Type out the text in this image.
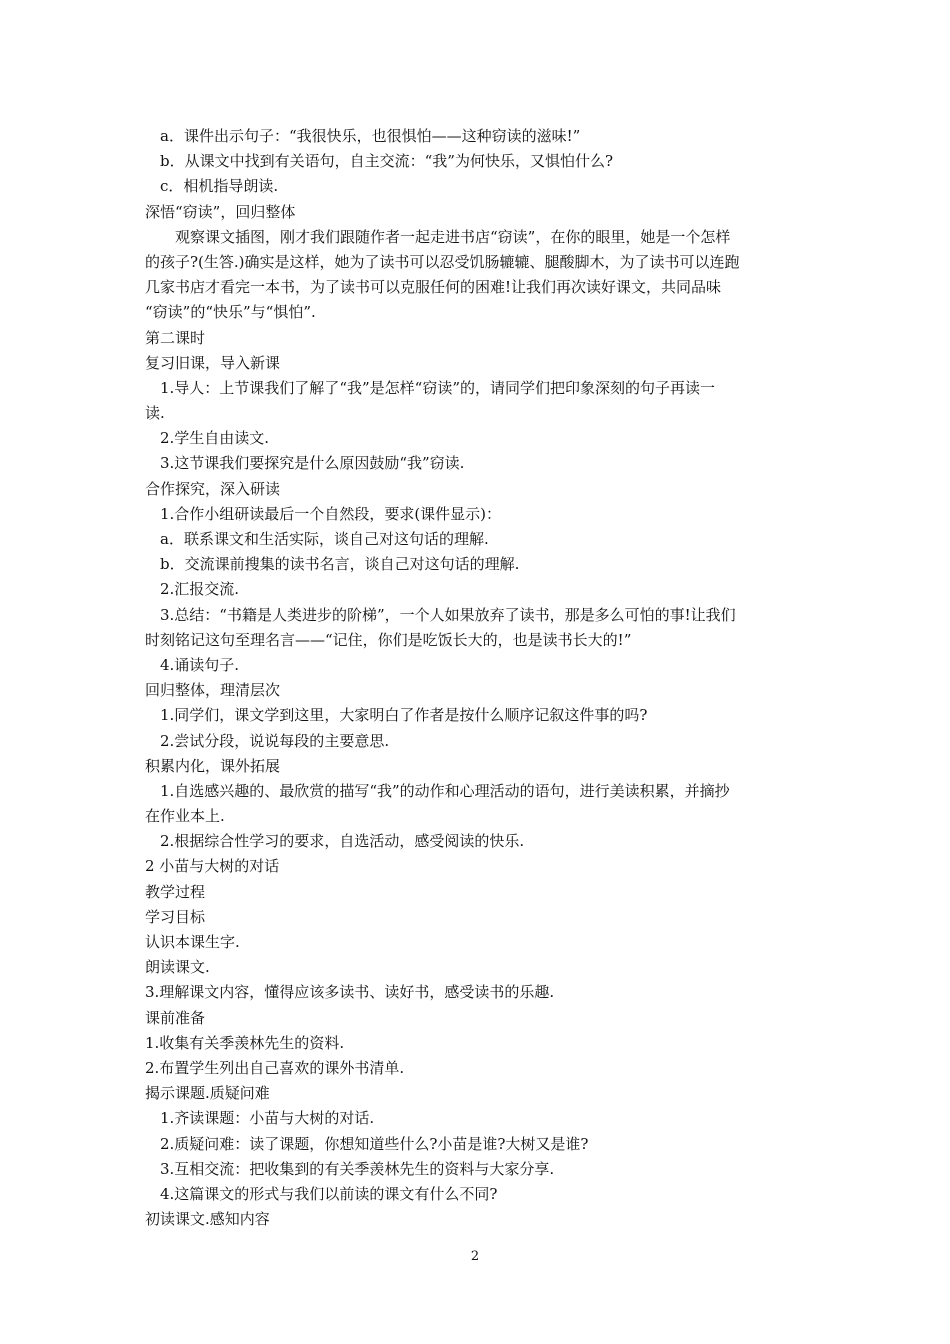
a．课件出示句子：“我很快乐，也很惧怕——这种窃读的滋味!”
b．从课文中找到有关语句，自主交流：“我”为何快乐，又惧怕什么?
c．相机指导朗读.
深悟“窃读”，回归整体
观察课文插图，刚才我们跟随作者一起走进书店“窃读”，在你的眼里，她是一个怎样
的孩子?(生答.)确实是这样，她为了读书可以忍受饥肠辘辘、腿酸脚木，为了读书可以连跑
几家书店才看完一本书，为了读书可以克服任何的困难!让我们再次读好课文，共同品味
“窃读”的“快乐”与“惧怕”.
第二课时
复习旧课，导入新课
1.导人：上节课我们了解了“我”是怎样“窃读”的，请同学们把印象深刻的句子再读一
读.
2.学生自由读文.
3.这节课我们要探究是什么原因鼓励“我”窃读.
合作探究，深入研读
1.合作小组研读最后一个自然段，要求(课件显示)：
a．联系课文和生活实际，谈自己对这句话的理解.
b．交流课前搜集的读书名言，谈自己对这句话的理解.
2.汇报交流.
3.总结：“书籍是人类进步的阶梯”，一个人如果放弃了读书，那是多么可怕的事!让我们
时刻铭记这句至理名言——“记住，你们是吃饭长大的，也是读书长大的!”
4.诵读句子.
回归整体，理清层次
1.同学们，课文学到这里，大家明白了作者是按什么顺序记叙这件事的吗?
2.尝试分段，说说每段的主要意思.
积累内化，课外拓展
1.自选感兴趣的、最欣赏的描写“我”的动作和心理活动的语句，进行美读积累，并摘抄
在作业本上.
2.根据综合性学习的要求，自选活动，感受阅读的快乐.
2 小苗与大树的对话
教学过程
学习目标
认识本课生字.
朗读课文.
3.理解课文内容，懂得应该多读书、读好书，感受读书的乐趣.
课前准备
1.收集有关季羡林先生的资料.
2.布置学生列出自己喜欢的课外书清单.
揭示课题.质疑问难
1.齐读课题：小苗与大树的对话.
2.质疑问难：读了课题，你想知道些什么?小苗是谁?大树又是谁?
3.互相交流：把收集到的有关季羡林先生的资料与大家分享.
4.这篇课文的形式与我们以前读的课文有什么不同?
初读课文.感知内容
2
